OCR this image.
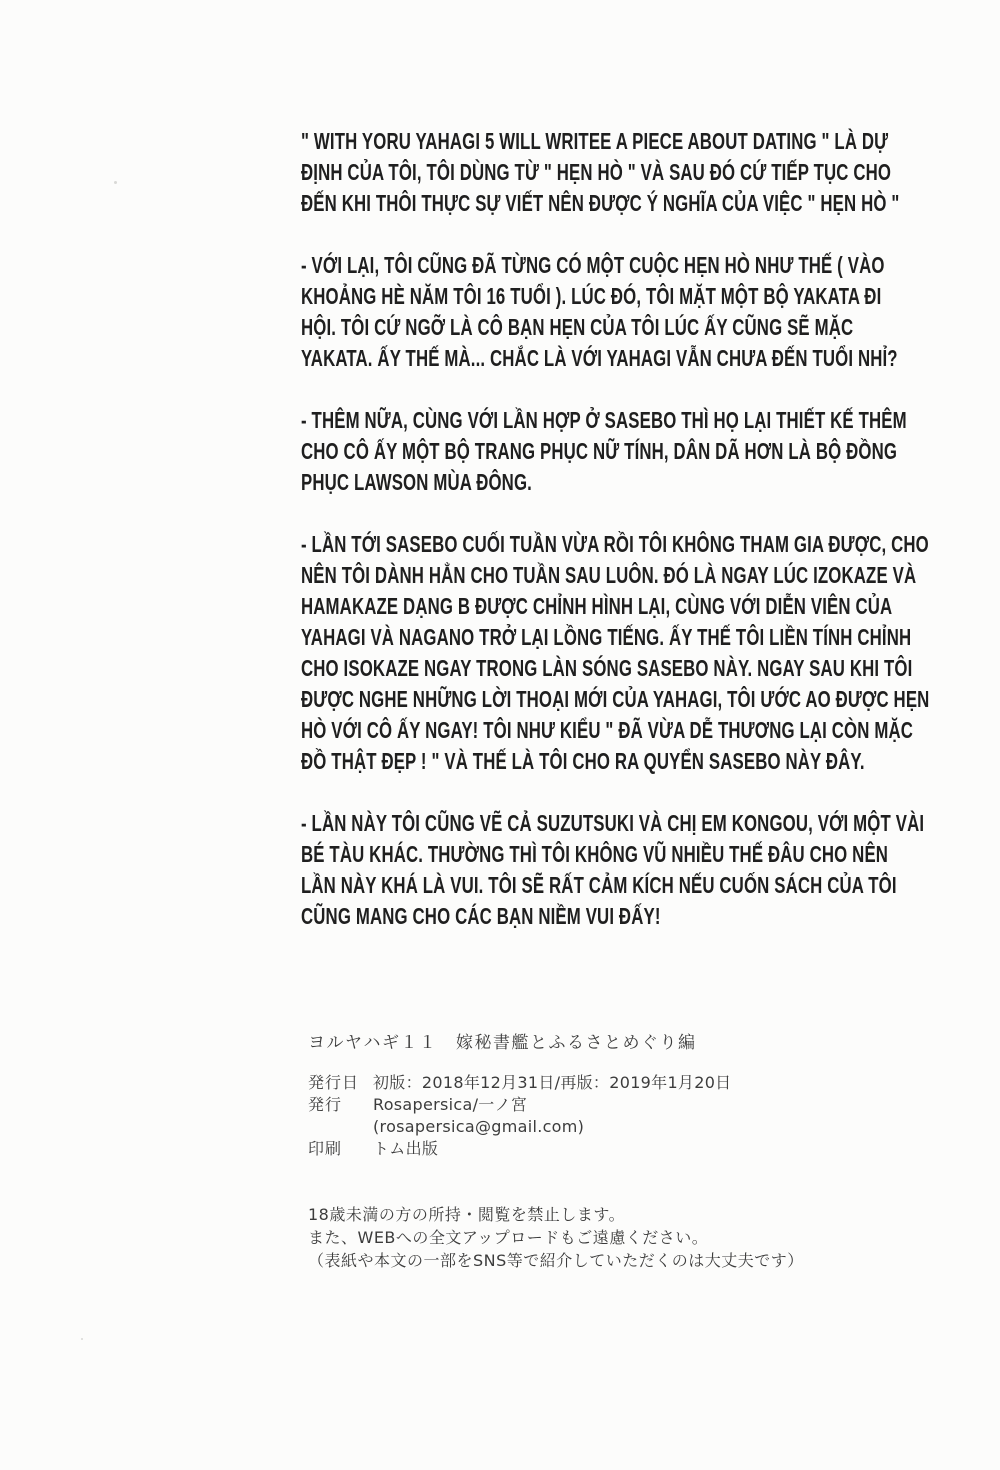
" WITH YORU YAHAGI 5 WILL WRITEE A PIECE ABOUT DATING " LÀ DỰ
ĐỊNH CỦA TÔI, TÔI DÙNG TỪ " HẸN HÒ " VÀ SAU ĐÓ CỨ TIẾP TỤC CHO
ĐẾN KHI THÔI THỰC SỰ VIẾT NÊN ĐƯỢC Ý NGHĨA CỦA VIỆC " HẸN HÒ "
- VỚI LẠI, TÔI CŨNG ĐÃ TỪNG CÓ MỘT CUỘC HẸN HÒ NHƯ THẾ ( VÀO
KHOẢNG HÈ NĂM TÔI 16 TUỔI ). LÚC ĐÓ, TÔI MẶT MỘT BỘ YAKATA ĐI
HỘI. TÔI CỨ NGỠ LÀ CÔ BẠN HẸN CỦA TÔI LÚC ẤY CŨNG SẼ MẶC
YAKATA. ẤY THẾ MÀ... CHẮC LÀ VỚI YAHAGI VẪN CHƯA ĐẾN TUỔI NHỈ?
- THÊM NỮA, CÙNG VỚI LẦN HỢP Ở SASEBO THÌ HỌ LẠI THIẾT KẾ THÊM
CHO CÔ ẤY MỘT BỘ TRANG PHỤC NỮ TÍNH, DÂN DÃ HƠN LÀ BỘ ĐỒNG
PHỤC LAWSON MÙA ĐÔNG.
- LẦN TỚI SASEBO CUỐI TUẦN VỪA RỒI TÔI KHÔNG THAM GIA ĐƯỢC, CHO
NÊN TÔI DÀNH HẲN CHO TUẦN SAU LUÔN. ĐÓ LÀ NGAY LÚC IZOKAZE VÀ
HAMAKAZE DẠNG B ĐƯỢC CHỈNH HÌNH LẠI, CÙNG VỚI DIỄN VIÊN CỦA
YAHAGI VÀ NAGANO TRỞ LẠI LỒNG TIẾNG. ẤY THẾ TÔI LIỀN TÍNH CHỈNH
CHO ISOKAZE NGAY TRONG LÀN SÓNG SASEBO NÀY. NGAY SAU KHI TÔI
ĐƯỢC NGHE NHỮNG LỜI THOẠI MỚI CỦA YAHAGI, TÔI ƯỚC AO ĐƯỢC HẸN
HÒ VỚI CÔ ẤY NGAY! TÔI NHƯ KIỂU " ĐÃ VỪA DỄ THƯƠNG LẠI CÒN MẶC
ĐỒ THẬT ĐẸP ! " VÀ THẾ LÀ TÔI CHO RA QUYỂN SASEBO NÀY ĐÂY.
- LẦN NÀY TÔI CŨNG VẼ CẢ SUZUTSUKI VÀ CHỊ EM KONGOU, VỚI MỘT VÀI
BÉ TÀU KHÁC. THƯỜNG THÌ TÔI KHÔNG VŨ NHIỀU THẾ ĐÂU CHO NÊN
LẦN NÀY KHÁ LÀ VUI. TÔI SẼ RẤT CẢM KÍCH NẾU CUỐN SÁCH CỦA TÔI
CŨNG MANG CHO CÁC BẠN NIỀM VUI ĐẤY!
ヨルヤハギ１１　嫁秘書艦とふるさとめぐり編
発行日 初版：2018年12月31日/再版：2019年1月20日
発行	Rosapersica/一ノ宮
(rosapersica@gmail.com)
印刷	トム出版
18歳未満の方の所持・閲覧を禁止します。
また、WEBへの全文アップロードもご遠慮ください。
（表紙や本文の一部をSNS等で紹介していただくのは大丈夫です）
